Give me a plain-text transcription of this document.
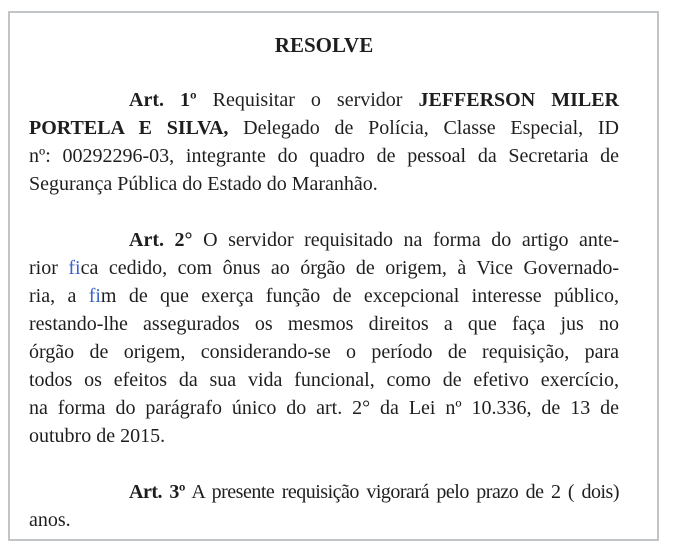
RESOLVE
Art. 1º Requisitar o servidor JEFFERSON MILER
PORTELA E SILVA, Delegado de Polícia, Classe Especial, ID
nº: 00292296-03, integrante do quadro de pessoal da Secretaria de
Segurança Pública do Estado do Maranhão.
Art. 2° O servidor requisitado na forma do artigo ante-
rior fica cedido, com ônus ao órgão de origem, à Vice Governado-
ria, a fim de que exerça função de excepcional interesse público,
restando-lhe assegurados os mesmos direitos a que faça jus no
órgão de origem, considerando-se o período de requisição, para
todos os efeitos da sua vida funcional, como de efetivo exercício,
na forma do parágrafo único do art. 2° da Lei nº 10.336, de 13 de
outubro de 2015.
Art. 3º A presente requisição vigorará pelo prazo de 2 ( dois)
anos.
